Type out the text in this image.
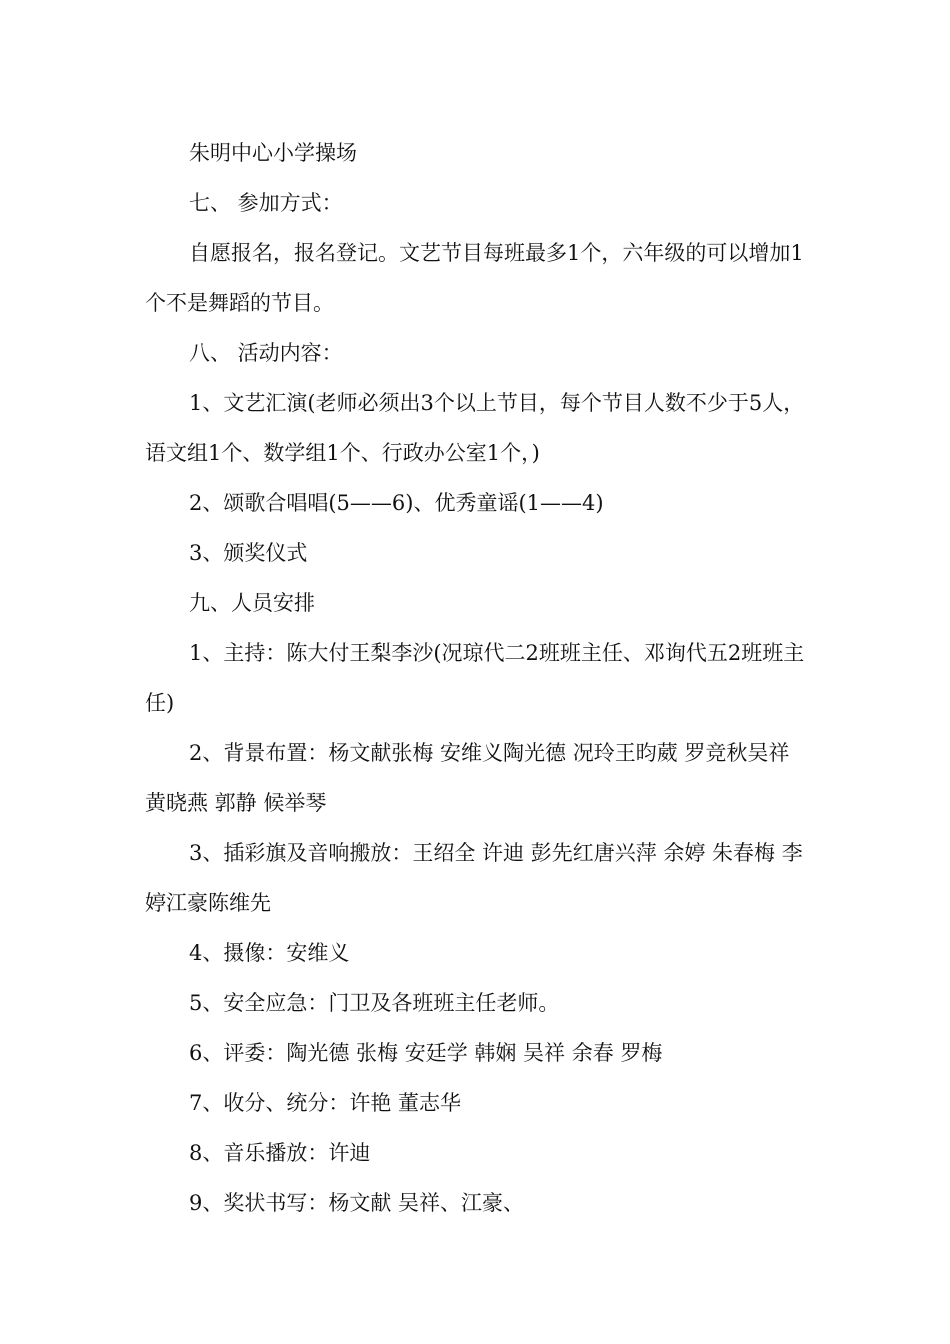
朱明中心小学操场

七、 参加方式：

自愿报名，报名登记。文艺节目每班最多1个，六年级的可以增加1个不是舞蹈的节目。

八、 活动内容：

1、文艺汇演(老师必须出3个以上节目，每个节目人数不少于5人，语文组1个、数学组1个、行政办公室1个，)

2、颂歌合唱唱(5——6)、优秀童谣(1——4)

3、颁奖仪式

九、人员安排

1、主持：陈大付王梨李沙(况琼代二2班班主任、邓询代五2班班主任)

2、背景布置：杨文献张梅 安维义陶光德 况玲王昀葳 罗竞秋吴祥 黄晓燕 郭静 候举琴

3、插彩旗及音响搬放：王绍全 许迪 彭先红唐兴萍 余婷 朱春梅 李婷江豪陈维先

4、摄像：安维义

5、安全应急：门卫及各班班主任老师。

6、评委：陶光德 张梅 安廷学 韩娴 吴祥 余春 罗梅

7、收分、统分：许艳 董志华

8、音乐播放：许迪

9、奖状书写：杨文献 吴祥、江豪、
